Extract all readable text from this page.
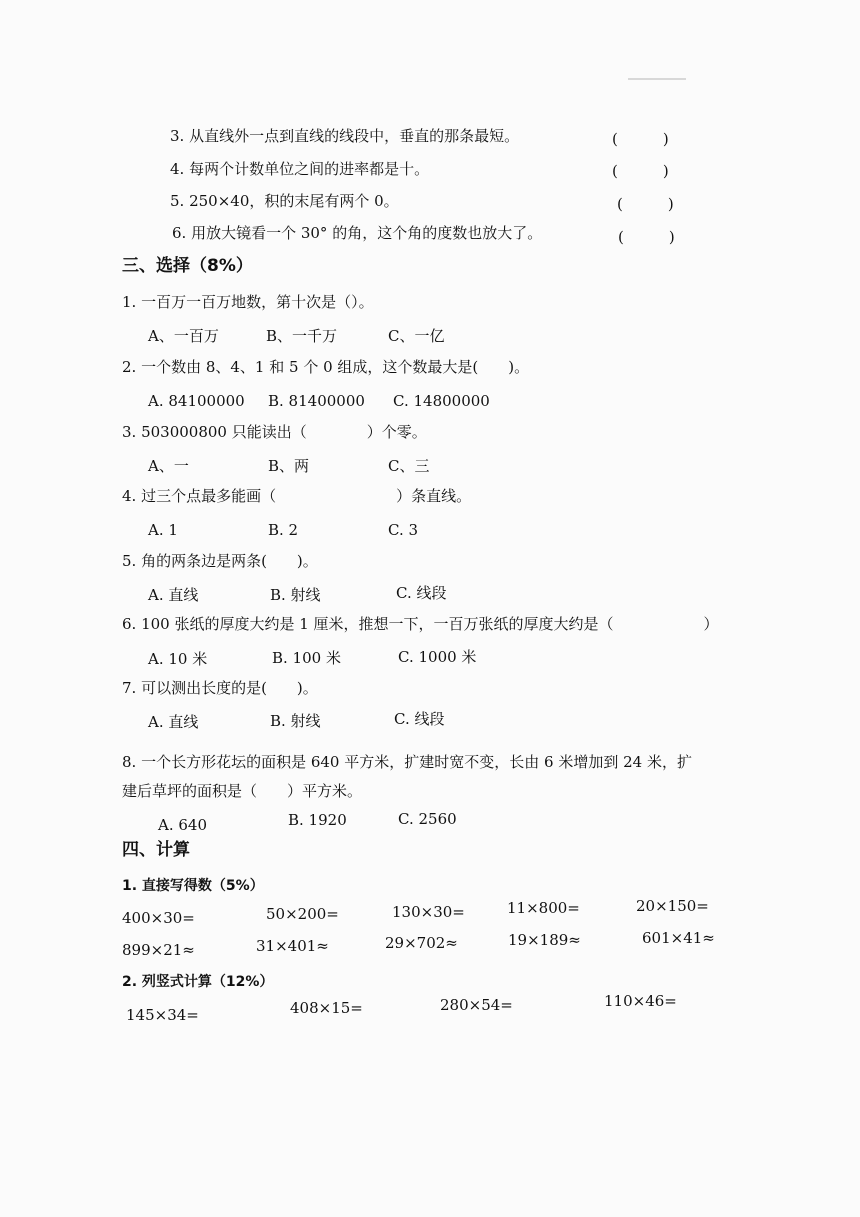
3. 从直线外一点到直线的线段中，垂直的那条最短。	(　　　)
4. 每两个计数单位之间的进率都是十。	(　　　)
5. 250×40，积的末尾有两个 0。	(　　　)
6. 用放大镜看一个 30° 的角，这个角的度数也放大了。	(　　　)
三、选择（8%）
1. 一百万一百万地数，第十次是（）。
A、一百万	B、一千万	C、一亿
2. 一个数由 8、4、1 和 5 个 0 组成，这个数最大是(　　)。
A. 84100000 B. 81400000 C. 14800000
3. 503000800 只能读出（　　　　）个零。
A、一	B、两	C、三
4. 过三个点最多能画（　　　　　　　　）条直线。
A. 1	B. 2	C. 3
5. 角的两条边是两条(　　)。
A. 直线	B. 射线	C. 线段
6. 100 张纸的厚度大约是 1 厘米，推想一下，一百万张纸的厚度大约是（　　　　　　）
A. 10 米	B. 100 米	C. 1000 米
7. 可以测出长度的是(　　)。
A. 直线	B. 射线	C. 线段
8. 一个长方形花坛的面积是 640 平方米，扩建时宽不变，长由 6 米增加到 24 米，扩
建后草坪的面积是（　　）平方米。
A. 640	B. 1920	C. 2560
四、计算
1. 直接写得数（5%）
400×30=	50×200=	130×30=	11×800=	20×150=
899×21≈	31×401≈	29×702≈	19×189≈	601×41≈
2. 列竖式计算（12%）
145×34=	408×15=	280×54=	110×46=
